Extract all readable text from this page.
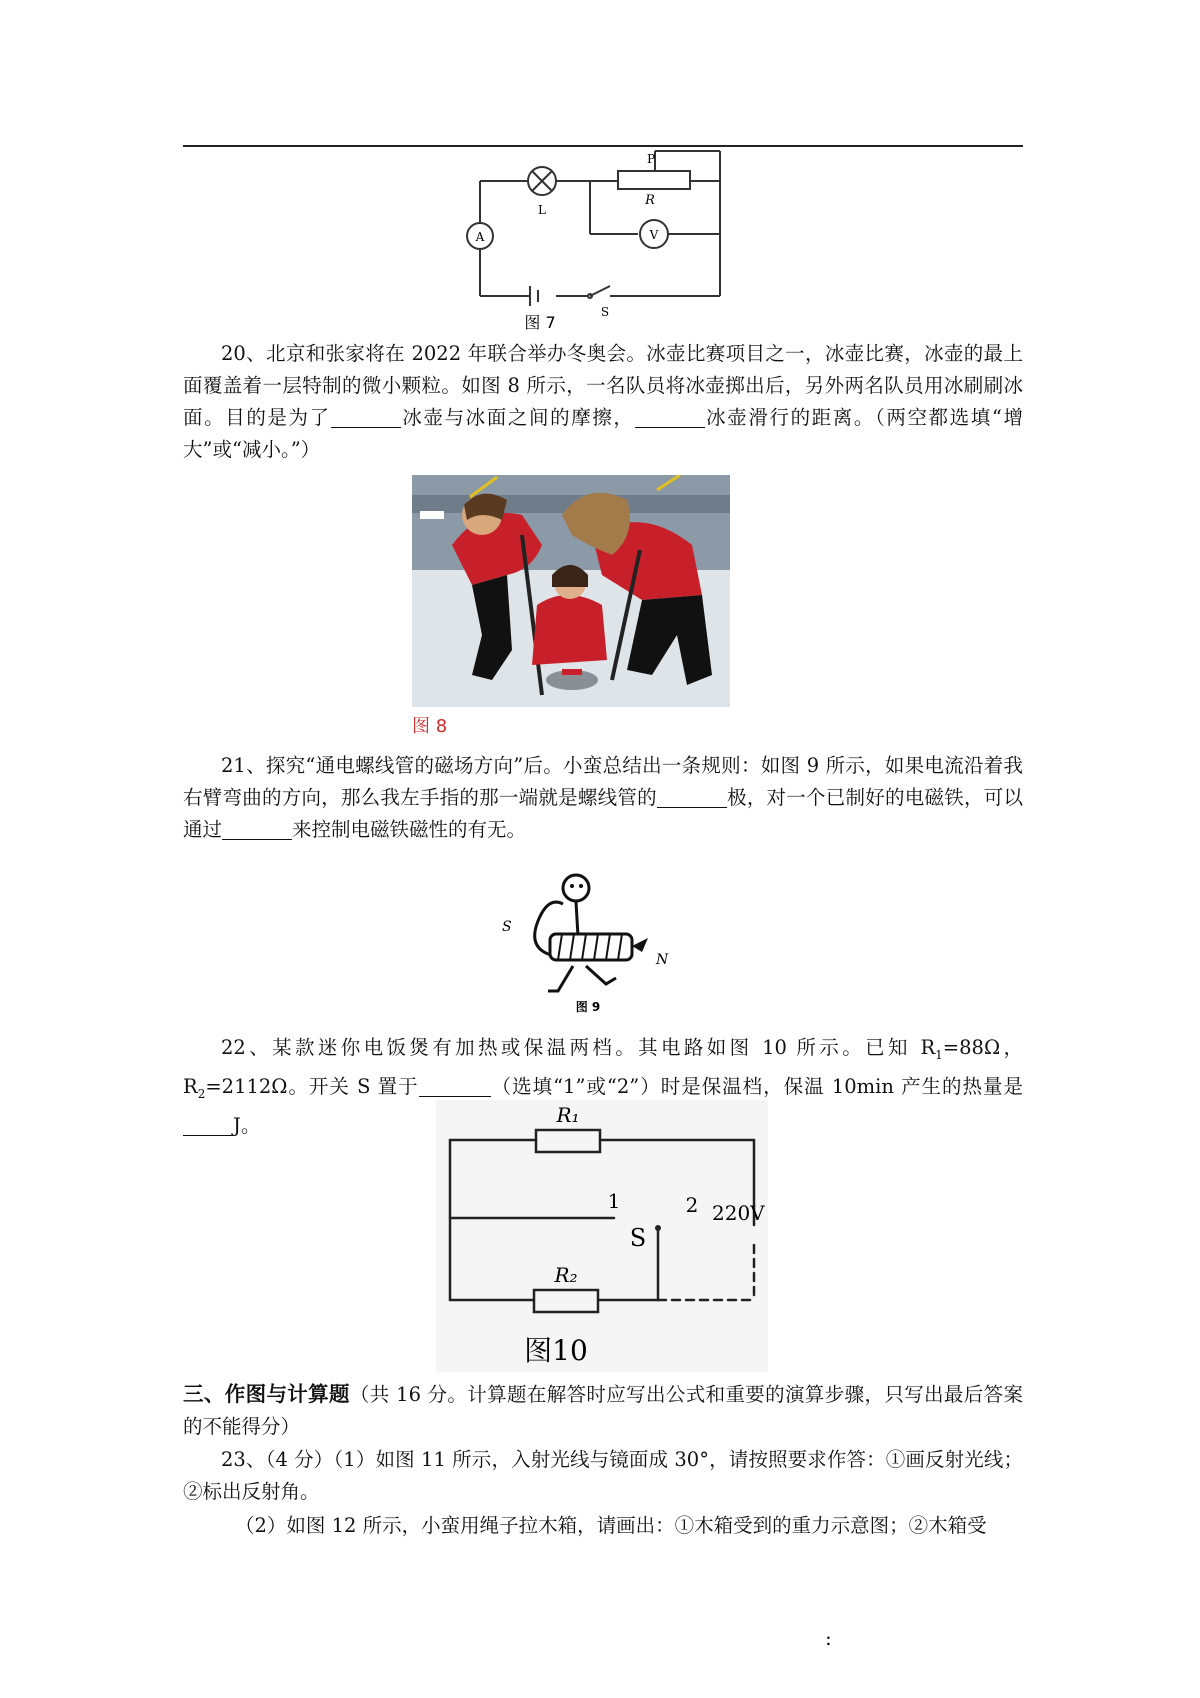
P
R
L
A	V
S
图 7
20、北京和张家将在 2022 年联合举办冬奥会。冰壶比赛项目之一，冰壶比赛，冰壶的最上面覆盖着一层特制的微小颗粒。如图 8 所示，一名队员将冰壶掷出后，另外两名队员用冰刷刷冰面。目的是为了	冰壶与冰面之间的摩擦，	冰壶滑行的距离。（两空都选填“增大”或“减小。”）
图 8
21、探究“通电螺线管的磁场方向”后。小蛮总结出一条规则：如图 9 所示，如果电流沿着我右臂弯曲的方向，那么我左手指的那一端就是螺线管的	极，对一个已制好的电磁铁，可以通过	来控制电磁铁磁性的有无。
S
N
图 9
22、某款迷你电饭煲有加热或保温两档。其电路如图 10 所示。已知 $R_1=88\Omega$，$R_2=2112\Omega$。开关 S 置于	（选填“1”或“2”）时是保温档，保温 10min 产生的热量是J。	R₁
R₂
1	2
S
220V
图10
三、作图与计算题（共 16 分。计算题在解答时应写出公式和重要的演算步骤，只写出最后答案的不能得分）
23、（4 分）（1）如图 11 所示，入射光线与镜面成 30°，请按照要求作答：①画反射光线；②标出反射角。
（2）如图 12 所示，小蛮用绳子拉木箱，请画出：①木箱受到的重力示意图；②木箱受
:
